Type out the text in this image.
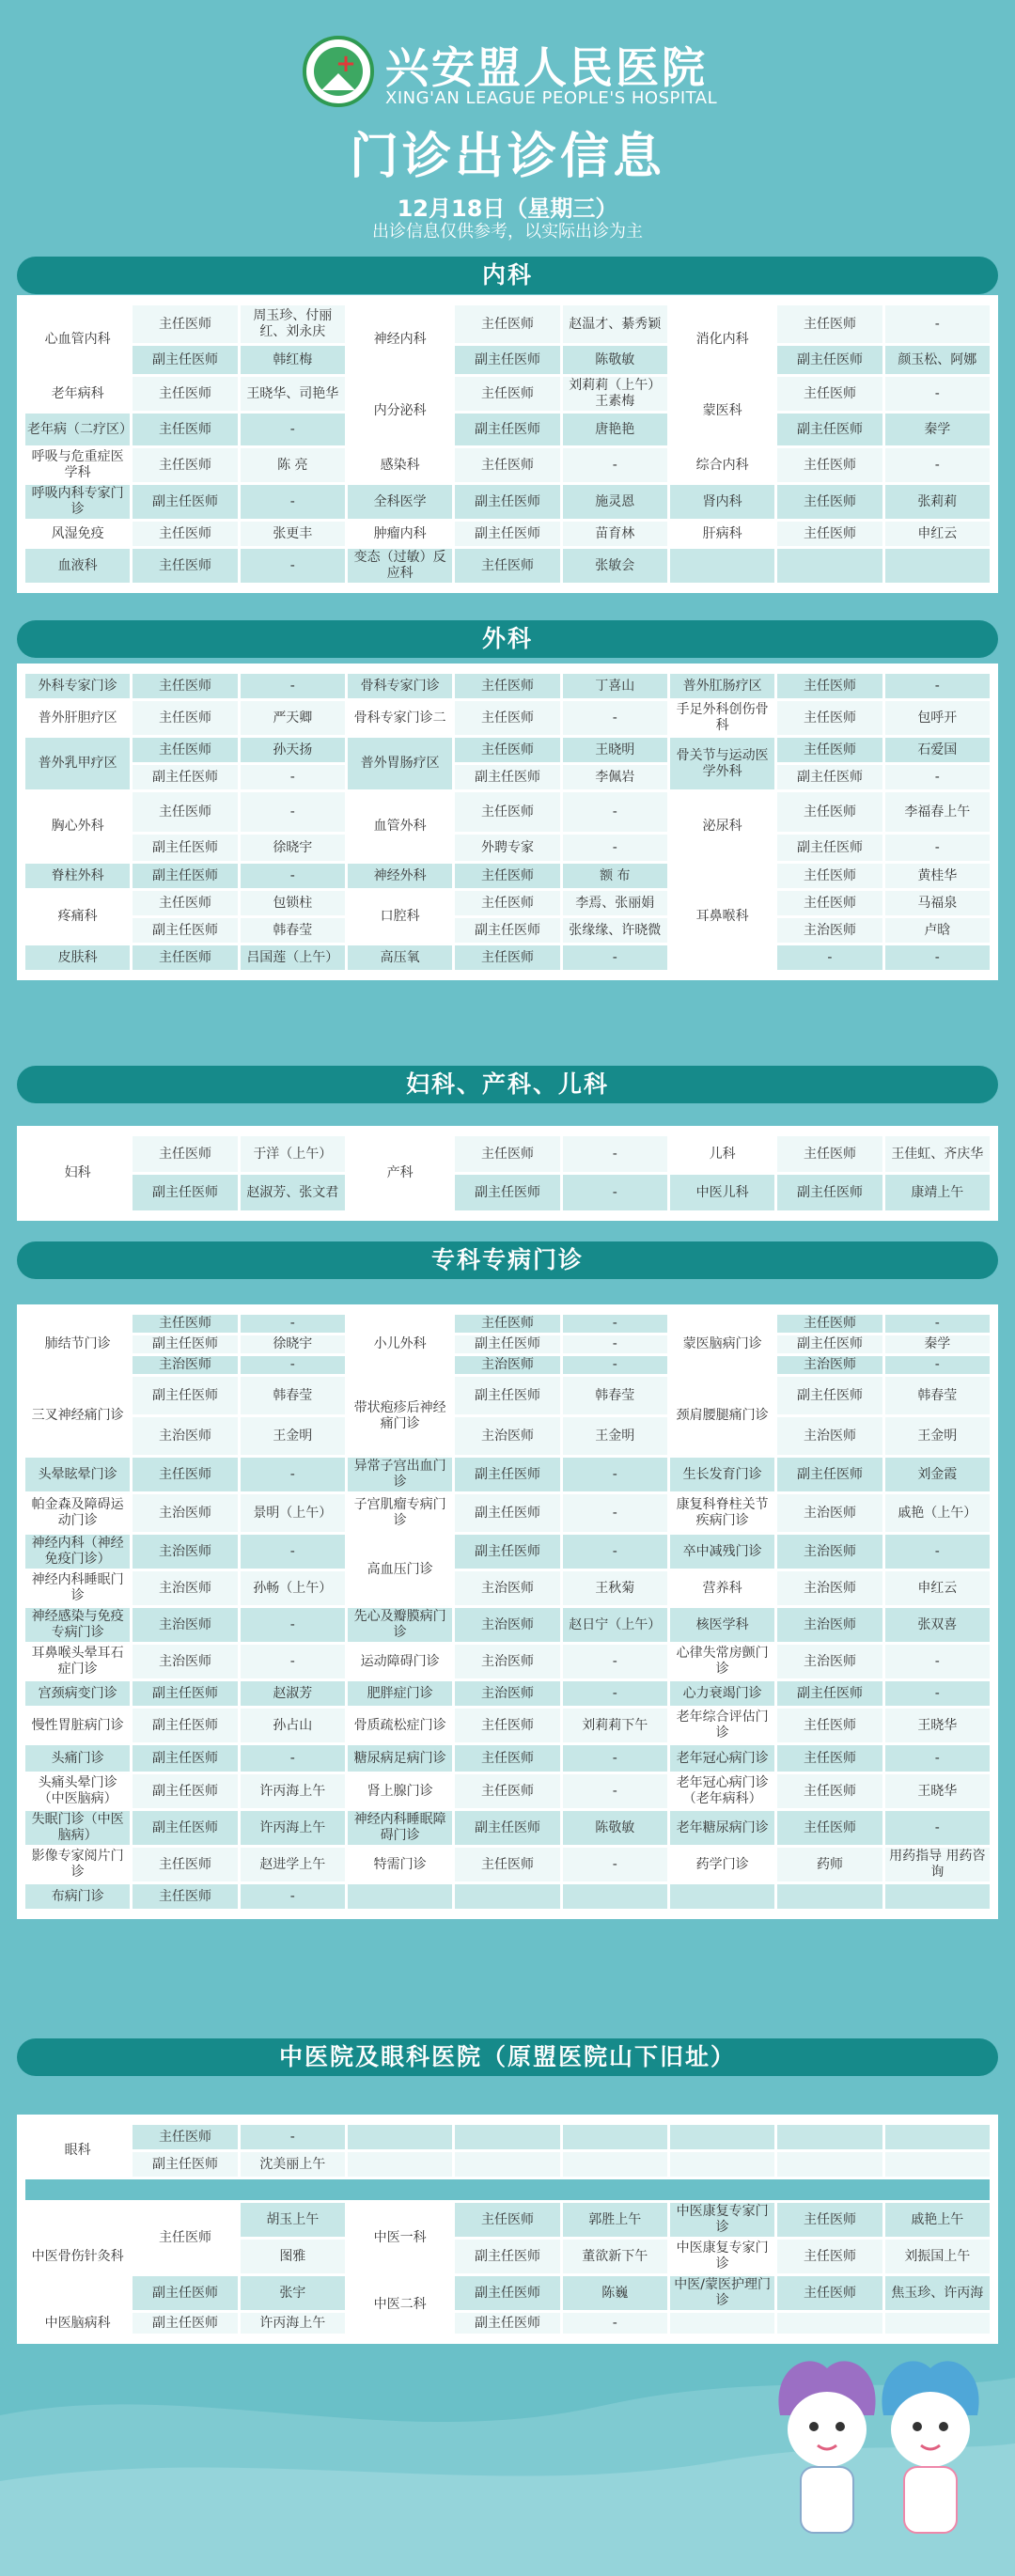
+ 兴安盟人民医院
XING'AN LEAGUE PEOPLE'S HOSPITAL
门诊出诊信息
12月18日（星期三）
出诊信息仅供参考，以实际出诊为主
内科
心血管内科	主任医师	周玉珍、付丽红、刘永庆	神经内科	主任医师	赵温才、綦秀颖	消化内科	主任医师	-
	副主任医师	韩红梅		副主任医师	陈敬敏		副主任医师	颜玉松、阿娜
老年病科	主任医师	王晓华、司艳华	内分泌科	主任医师	刘莉莉（上午）王素梅	蒙医科	主任医师	-
老年病（二疗区）	主任医师	-		副主任医师	唐艳艳		副主任医师	秦学
呼吸与危重症医学科	主任医师	陈 亮	感染科	主任医师	-	综合内科	主任医师	-
呼吸内科专家门诊	副主任医师	-	全科医学	副主任医师	施灵恩	肾内科	主任医师	张莉莉
风湿免疫	主任医师	张更丰	肿瘤内科	副主任医师	苗育林	肝病科	主任医师	申红云
血液科	主任医师	-	变态（过敏）反应科	主任医师	张敏会			
外科
外科专家门诊	主任医师	-	骨科专家门诊	主任医师	丁喜山	普外肛肠疗区	主任医师	-
普外肝胆疗区	主任医师	严天卿	骨科专家门诊二	主任医师	-	手足外科创伤骨科	主任医师	包呼开
普外乳甲疗区	主任医师	孙天扬	普外胃肠疗区	主任医师	王晓明	骨关节与运动医学外科	主任医师	石爱国
	副主任医师	-		副主任医师	李佩岩		副主任医师	-
胸心外科	主任医师	-	血管外科	主任医师	-	泌尿科	主任医师	李福春上午
	副主任医师	徐晓宇		外聘专家	-		副主任医师	-
脊柱外科	副主任医师	-	神经外科	主任医师	额 布	耳鼻喉科	主任医师	黄桂华
疼痛科	主任医师	包锁柱	口腔科	主任医师	李焉、张丽娟		主任医师	马福泉
	副主任医师	韩春莹		副主任医师	张缘缘、许晓微		主治医师	卢晗
皮肤科	主任医师	吕国莲（上午）	高压氧	主任医师	-		-	-
妇科、产科、儿科
妇科	主任医师	于洋（上午）	产科	主任医师	-	儿科	主任医师	王佳虹、齐庆华
	副主任医师	赵淑芳、张文君		副主任医师	-	中医儿科	副主任医师	康靖上午
专科专病门诊
肺结节门诊	主任医师	-	小儿外科	主任医师	-	蒙医脑病门诊	主任医师	-
	副主任医师	徐晓宇		副主任医师	-		副主任医师	秦学
	主治医师	-		主治医师	-		主治医师	-
三叉神经痛门诊	副主任医师	韩春莹	带状疱疹后神经痛门诊	副主任医师	韩春莹	颈肩腰腿痛门诊	副主任医师	韩春莹
	主治医师	王金明		主治医师	王金明		主治医师	王金明
头晕眩晕门诊	主任医师	-	异常子宫出血门诊	副主任医师	-	生长发育门诊	副主任医师	刘金霞
帕金森及障碍运动门诊	主治医师	景明（上午）	子宫肌瘤专病门诊	副主任医师	-	康复科脊柱关节疾病门诊	主治医师	戚艳（上午）
神经内科（神经免疫门诊）	主治医师	-	高血压门诊	副主任医师	-	卒中减残门诊	主治医师	-
神经内科睡眠门诊	主治医师	孙畅（上午）		主治医师	王秋菊	营养科	主治医师	申红云
神经感染与免疫专病门诊	主治医师	-	先心及瓣膜病门诊	主治医师	赵日宁（上午）	核医学科	主治医师	张双喜
耳鼻喉头晕耳石症门诊	主治医师	-	运动障碍门诊	主治医师	-	心律失常房颤门诊	主治医师	-
宫颈病变门诊	副主任医师	赵淑芳	肥胖症门诊	主治医师	-	心力衰竭门诊	副主任医师	-
慢性胃脏病门诊	副主任医师	孙占山	骨质疏松症门诊	主任医师	刘莉莉下午	老年综合评估门诊	主任医师	王晓华
头痛门诊	副主任医师	-	糖尿病足病门诊	主任医师	-	老年冠心病门诊	主任医师	-
头痛头晕门诊（中医脑病）	副主任医师	许丙海上午	肾上腺门诊	主任医师	-	老年冠心病门诊（老年病科）	主任医师	王晓华
失眠门诊（中医脑病）	副主任医师	许丙海上午	神经内科睡眠障碍门诊	副主任医师	陈敬敏	老年糖尿病门诊	主任医师	-
影像专家阅片门诊	主任医师	赵进学上午	特需门诊	主任医师	-	药学门诊	药师	用药指导 用药咨询
布病门诊	主任医师	-						
中医院及眼科医院（原盟医院山下旧址）
眼科	主任医师	-						
	副主任医师	沈美丽上午						

中医骨伤针灸科	主任医师	胡玉上午	中医一科	主任医师	郭胜上午	中医康复专家门诊	主任医师	戚艳上午
		图雅		副主任医师	董欲新下午	中医康复专家门诊	主任医师	刘振国上午
	副主任医师	张宇	中医二科	副主任医师	陈巍	中医/蒙医护理门诊	主任医师	焦玉珍、许丙海
中医脑病科	副主任医师	许丙海上午		副主任医师	-			
